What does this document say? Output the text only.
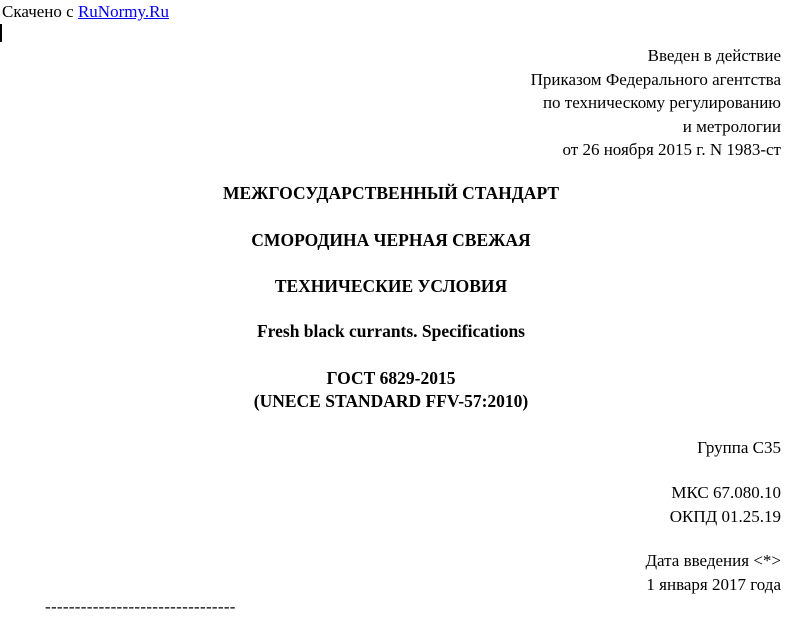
Скачено с RuNormy.Ru
Введен в действие
Приказом Федерального агентства
по техническому регулированию
и метрологии
от 26 ноября 2015 г. N 1983-ст
МЕЖГОСУДАРСТВЕННЫЙ СТАНДАРТ
СМОРОДИНА ЧЕРНАЯ СВЕЖАЯ
ТЕХНИЧЕСКИЕ УСЛОВИЯ
Fresh black currants. Specifications
ГОСТ 6829-2015
(UNECE STANDARD FFV-57:2010)
Группа С35
МКС 67.080.10
ОКПД 01.25.19
Дата введения <*>
1 января 2017 года
--------------------------------
